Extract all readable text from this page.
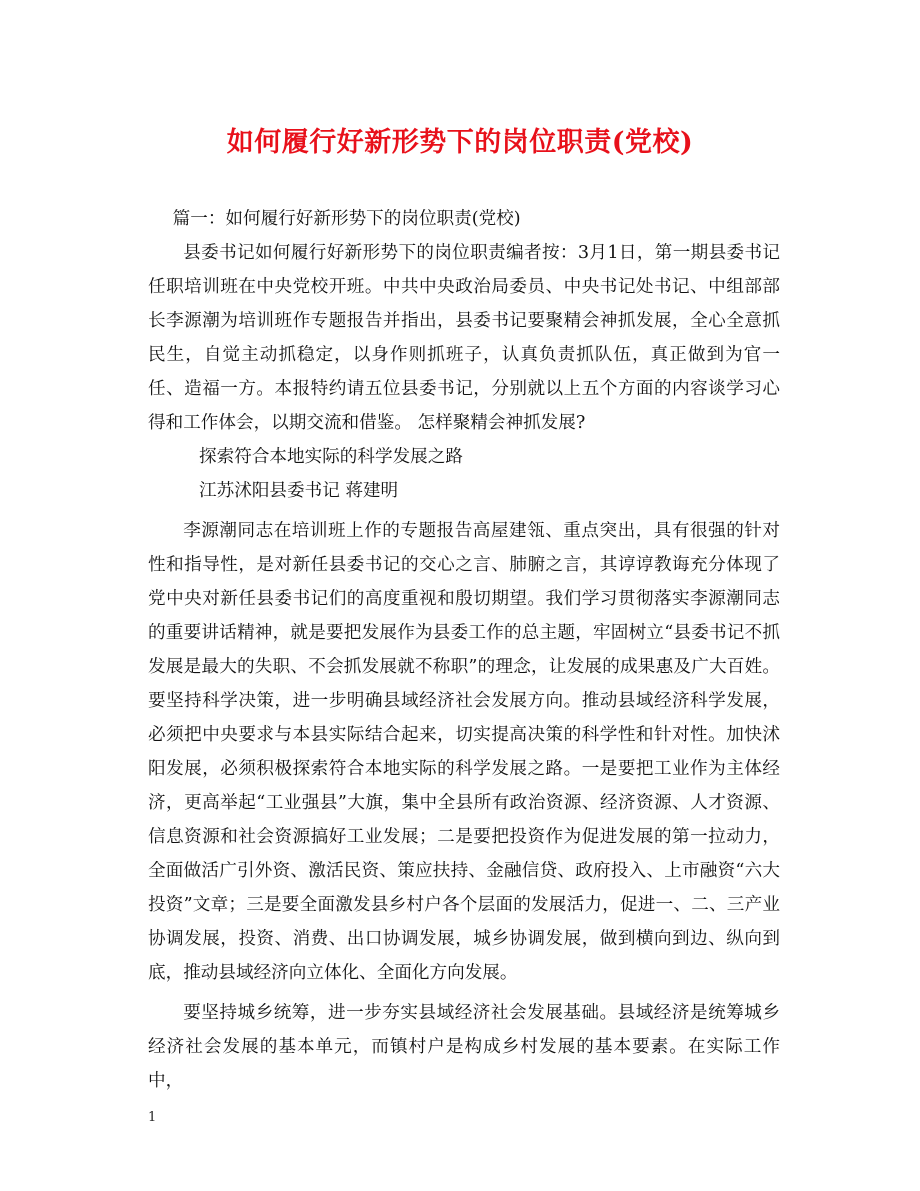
如何履行好新形势下的岗位职责(党校)

篇一：如何履行好新形势下的岗位职责(党校)

县委书记如何履行好新形势下的岗位职责编者按：3月1日，第一期县委书记任职培训班在中央党校开班。中共中央政治局委员、中央书记处书记、中组部部长李源潮为培训班作专题报告并指出，县委书记要聚精会神抓发展，全心全意抓民生，自觉主动抓稳定，以身作则抓班子，认真负责抓队伍，真正做到为官一任、造福一方。本报特约请五位县委书记，分别就以上五个方面的内容谈学习心得和工作体会，以期交流和借鉴。 怎样聚精会神抓发展?

探索符合本地实际的科学发展之路

江苏沭阳县委书记 蒋建明

李源潮同志在培训班上作的专题报告高屋建瓴、重点突出，具有很强的针对性和指导性，是对新任县委书记的交心之言、肺腑之言，其谆谆教诲充分体现了党中央对新任县委书记们的高度重视和殷切期望。我们学习贯彻落实李源潮同志的重要讲话精神，就是要把发展作为县委工作的总主题，牢固树立“县委书记不抓发展是最大的失职、不会抓发展就不称职”的理念，让发展的成果惠及广大百姓。 要坚持科学决策，进一步明确县域经济社会发展方向。推动县域经济科学发展，必须把中央要求与本县实际结合起来，切实提高决策的科学性和针对性。加快沭阳发展，必须积极探索符合本地实际的科学发展之路。一是要把工业作为主体经济，更高举起“工业强县”大旗，集中全县所有政治资源、经济资源、人才资源、信息资源和社会资源搞好工业发展；二是要把投资作为促进发展的第一拉动力，全面做活广引外资、激活民资、策应扶持、金融信贷、政府投入、上市融资“六大投资”文章；三是要全面激发县乡村户各个层面的发展活力，促进一、二、三产业协调发展，投资、消费、出口协调发展，城乡协调发展，做到横向到边、纵向到底，推动县域经济向立体化、全面化方向发展。

要坚持城乡统筹，进一步夯实县域经济社会发展基础。县域经济是统筹城乡经济社会发展的基本单元，而镇村户是构成乡村发展的基本要素。在实际工作中，

1
